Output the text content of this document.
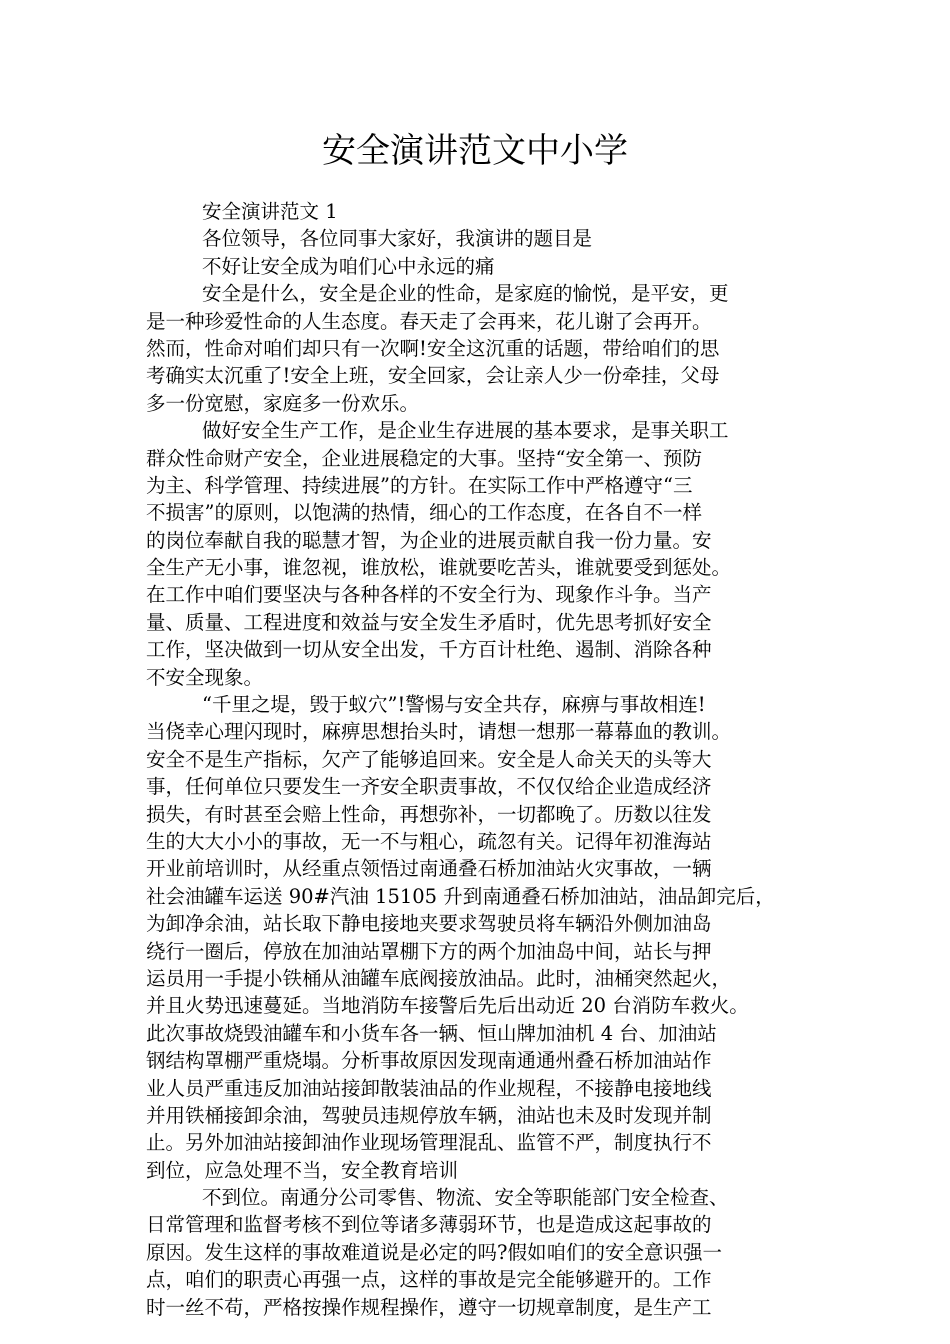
安全演讲范文中小学
安全演讲范文 1
各位领导，各位同事大家好，我演讲的题目是
不好让安全成为咱们心中永远的痛
安全是什么，安全是企业的性命，是家庭的愉悦，是平安，更
是一种珍爱性命的人生态度。春天走了会再来，花儿谢了会再开。
然而，性命对咱们却只有一次啊!安全这沉重的话题，带给咱们的思
考确实太沉重了!安全上班，安全回家，会让亲人少一份牵挂，父母
多一份宽慰，家庭多一份欢乐。
做好安全生产工作，是企业生存进展的基本要求，是事关职工
群众性命财产安全，企业进展稳定的大事。坚持“安全第一、预防
为主、科学管理、持续进展”的方针。在实际工作中严格遵守“三
不损害”的原则，以饱满的热情，细心的工作态度，在各自不一样
的岗位奉献自我的聪慧才智，为企业的进展贡献自我一份力量。安
全生产无小事，谁忽视，谁放松，谁就要吃苦头，谁就要受到惩处。
在工作中咱们要坚决与各种各样的不安全行为、现象作斗争。当产
量、质量、工程进度和效益与安全发生矛盾时，优先思考抓好安全
工作，坚决做到一切从安全出发，千方百计杜绝、遏制、消除各种
不安全现象。
“千里之堤，毁于蚁穴”!警惕与安全共存，麻痹与事故相连!
当侥幸心理闪现时，麻痹思想抬头时，请想一想那一幕幕血的教训。
安全不是生产指标，欠产了能够追回来。安全是人命关天的头等大
事，任何单位只要发生一齐安全职责事故，不仅仅给企业造成经济
损失，有时甚至会赔上性命，再想弥补，一切都晚了。历数以往发
生的大大小小的事故，无一不与粗心，疏忽有关。记得年初淮海站
开业前培训时，从经重点领悟过南通叠石桥加油站火灾事故，一辆
社会油罐车运送 90#汽油 15105 升到南通叠石桥加油站，油品卸完后，
为卸净余油，站长取下静电接地夹要求驾驶员将车辆沿外侧加油岛
绕行一圈后，停放在加油站罩棚下方的两个加油岛中间，站长与押
运员用一手提小铁桶从油罐车底阀接放油品。此时，油桶突然起火，
并且火势迅速蔓延。当地消防车接警后先后出动近 20 台消防车救火。
此次事故烧毁油罐车和小货车各一辆、恒山牌加油机 4 台、加油站
钢结构罩棚严重烧塌。分析事故原因发现南通通州叠石桥加油站作
业人员严重违反加油站接卸散装油品的作业规程，不接静电接地线
并用铁桶接卸余油，驾驶员违规停放车辆，油站也未及时发现并制
止。另外加油站接卸油作业现场管理混乱、监管不严，制度执行不
到位，应急处理不当，安全教育培训
不到位。南通分公司零售、物流、安全等职能部门安全检查、
日常管理和监督考核不到位等诸多薄弱环节，也是造成这起事故的
原因。发生这样的事故难道说是必定的吗?假如咱们的安全意识强一
点，咱们的职责心再强一点，这样的事故是完全能够避开的。工作
时一丝不苟，严格按操作规程操作，遵守一切规章制度，是生产工
